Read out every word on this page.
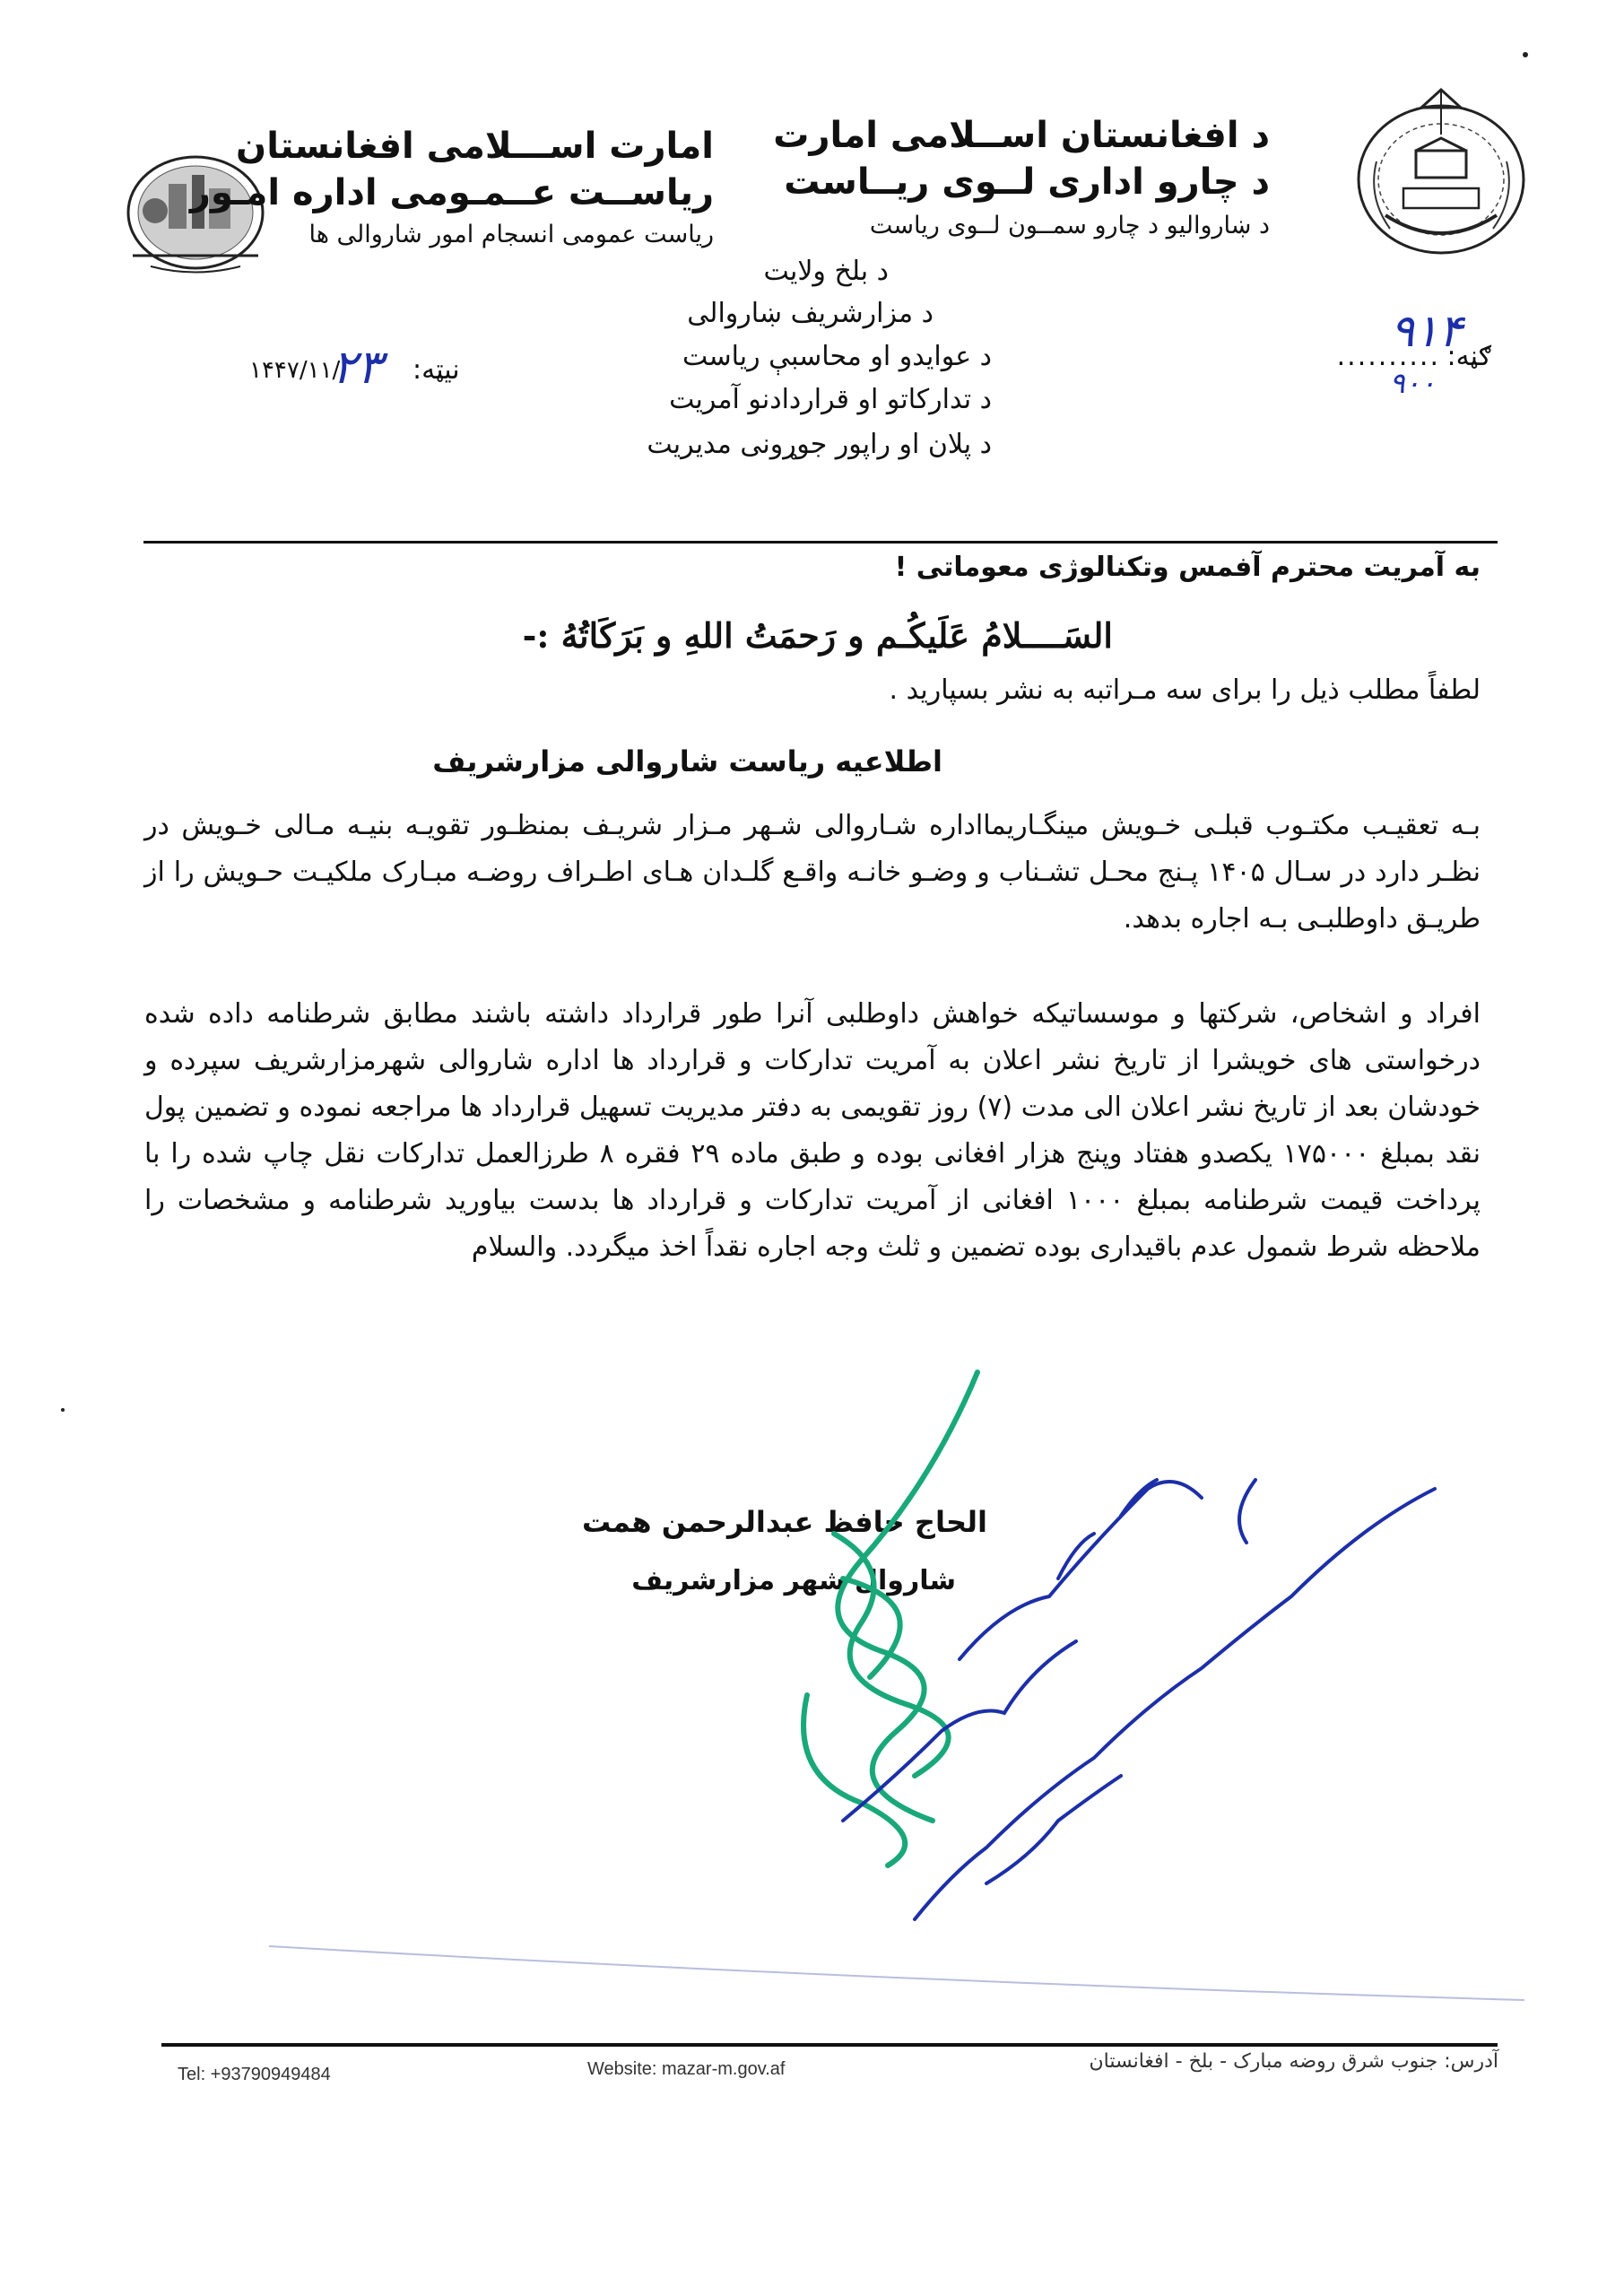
د افغانستان اســلامی امارت
د چارو اداری لــوی ریــاست
د ښاروالیو د چارو سمــون لــوی ریاست
امارت اســـلامی افغانستان
ریاســت عــمـومی اداره امـور
ریاست عمومی انسجام امور شاروالی ها
د بلخ ولایت
د مزارشریف ښاروالی
د عوایدو او محاسبې ریاست
د تدارکاتو او قراردادنو آمریت
د پلان او راپور جوړونی مدیریت
ګڼه:
..........
۹۱۴
۹۰۰
نیټه:
۲۳
۱۴۴۷/۱۱/
به آمریت محترم آفمس وتکنالوژی معوماتی !
السَــــلامُ عَلَیکُـم و رَحمَتُ اللهِ و بَرَکَاتُهُ :-
لطفاً مطلب ذیل را برای سه مـراتبه به نشر بسپارید .
اطلاعیه ریاست شاروالی مزارشریف
بـه تعقیـب مکتـوب قبلـی خـویش مینگـاریمااداره شـاروالی شـهر مـزار شریـف بمنظـور تقویـه بنیـه مـالی خـویش در نظـر دارد در سـال ۱۴۰۵ پـنج محـل تشـناب و وضـو خانـه واقـع گلـدان هـای اطـراف روضـه مبـارک ملکیـت حـویش را از طریـق داوطلبـی بـه اجاره بدهد.
افراد و اشخاص، شرکتها و موسساتیکه خواهش داوطلبی آنرا طور قرارداد داشته باشند مطابق شرطنامه داده شده درخواستی های خویشرا از تاریخ نشر اعلان به آمریت تدارکات و قرارداد ها اداره شاروالی شهرمزارشریف سپرده و خودشان بعد از تاریخ نشر اعلان الی مدت (۷) روز تقویمی به دفتر مدیریت تسهیل قرارداد ها مراجعه نموده و تضمین پول نقد بمبلغ ۱۷۵۰۰۰ یکصدو هفتاد وپنج هزار افغانی بوده و طبق ماده ۲۹ فقره ۸ طرزالعمل تدارکات نقل چاپ شده را با پرداخت قیمت شرطنامه بمبلغ ۱۰۰۰ افغانی از آمریت تدارکات و قرارداد ها بدست بیاورید شرطنامه و مشخصات را ملاحظه شرط شمول عدم باقیداری بوده تضمین و ثلث وجه اجاره نقداً اخذ میگردد. والسلام
الحاج حافظ عبدالرحمن همت
شاروال شهر مزارشریف
Tel: +93790949484	Website: mazar-m.gov.af	آدرس: جنوب شرق روضه مبارک - بلخ - افغانستان
